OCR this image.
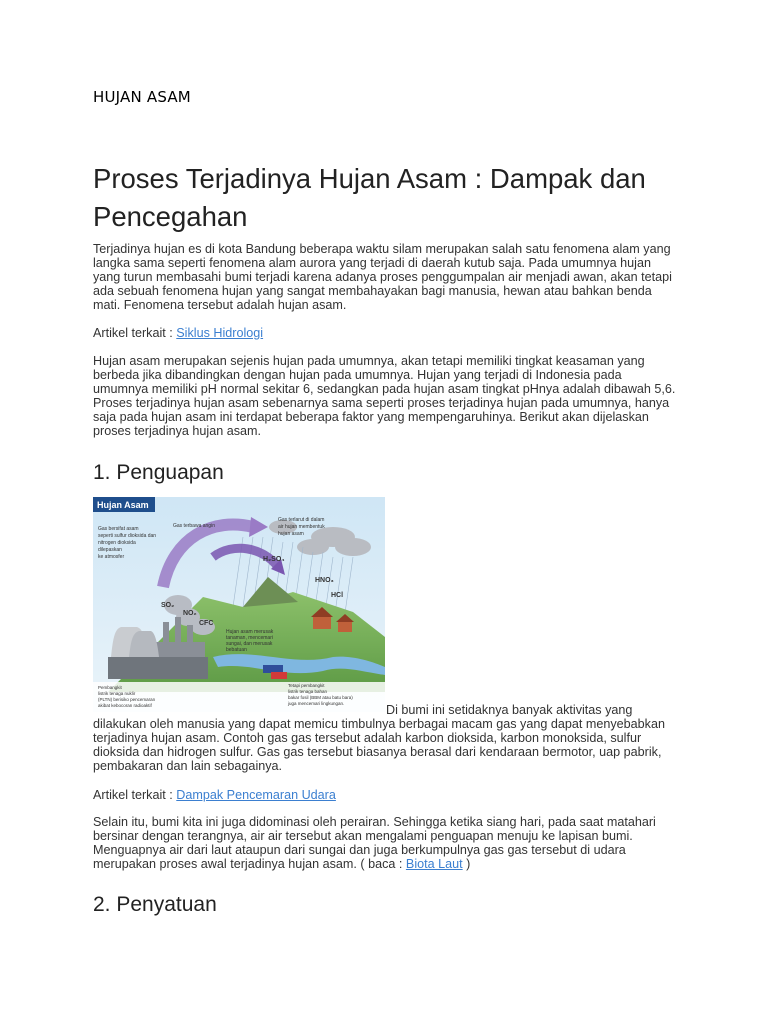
HUJAN ASAM
Proses Terjadinya Hujan Asam : Dampak dan Pencegahan

Terjadinya hujan es di kota Bandung beberapa waktu silam merupakan salah satu fenomena alam yang langka sama seperti fenomena alam aurora yang terjadi di daerah kutub saja. Pada umumnya hujan yang turun membasahi bumi terjadi karena adanya proses penggumpalan air menjadi awan, akan tetapi ada sebuah fenomena hujan yang sangat membahayakan bagi manusia, hewan atau bahkan benda mati. Fenomena tersebut adalah hujan asam.

Artikel terkait : Siklus Hidrologi

Hujan asam merupakan sejenis hujan pada umumnya, akan tetapi memiliki tingkat keasaman yang berbeda jika dibandingkan dengan hujan pada umumnya. Hujan yang terjadi di Indonesia pada umumnya memiliki pH normal sekitar 6, sedangkan pada hujan asam tingkat pHnya adalah dibawah 5,6. Proses terjadinya hujan asam sebenarnya sama seperti proses terjadinya hujan pada umumnya, hanya saja pada hujan asam ini terdapat beberapa faktor yang mempengaruhinya. Berikut akan dijelaskan proses terjadinya hujan asam.

1. Penguapan
Hujan Asam
Gas bersifat asam
seperti sulfur dioksida dan
nitrogen dioksida
dilepaskan
ke atmosfer
Gas terbawa angin
Gas terlarut di dalam
air hujan membentuk
hujan asam
H₂SO₄
HNO₃
HCl
SO₂
NO₂
CFC
Hujan asam merusak
tanaman, mencemari
sungai, dan merusak
bebatuan
Pembangkit
listrik tenaga nuklir
(PLTN) berisiko pencemaran
akibat kebocoran radioaktif
Tetapi pembangkit
listrik tenaga bahan
bakar fosil (BBM atau batu bara)
juga mencemari lingkungan.	Di bumi ini setidaknya banyak aktivitas yang dilakukan oleh manusia yang dapat memicu timbulnya berbagai macam gas yang dapat menyebabkan terjadinya hujan asam. Contoh gas gas tersebut adalah karbon dioksida, karbon monoksida, sulfur dioksida dan hidrogen sulfur. Gas gas tersebut biasanya berasal dari kendaraan bermotor, uap pabrik, pembakaran dan lain sebagainya.

Artikel terkait : Dampak Pencemaran Udara

Selain itu, bumi kita ini juga didominasi oleh perairan. Sehingga ketika siang hari, pada saat matahari bersinar dengan terangnya, air air tersebut akan mengalami penguapan menuju ke lapisan bumi. Menguapnya air dari laut ataupun dari sungai dan juga berkumpulnya gas gas tersebut di udara merupakan proses awal terjadinya hujan asam. ( baca : Biota Laut )

2. Penyatuan
